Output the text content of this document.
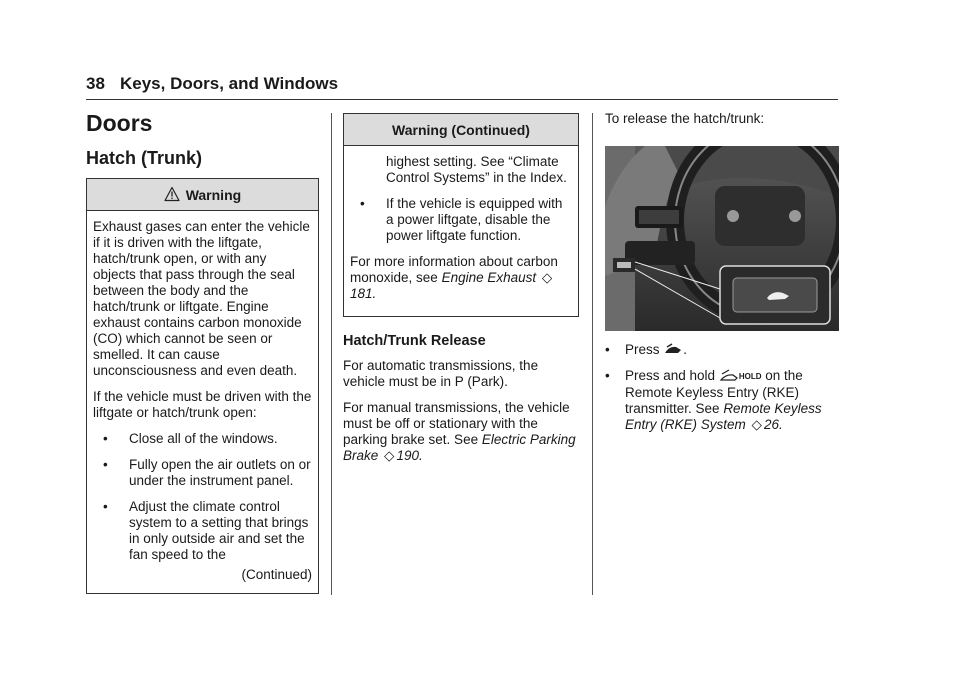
38 Keys, Doors, and Windows
Doors
Hatch (Trunk)
Warning

Exhaust gases can enter the vehicle if it is driven with the liftgate, hatch/trunk open, or with any objects that pass through the seal between the body and the hatch/trunk or liftgate. Engine exhaust contains carbon monoxide (CO) which cannot be seen or smelled. It can cause unconsciousness and even death.

If the vehicle must be driven with the liftgate or hatch/trunk open:

• Close all of the windows.
• Fully open the air outlets on or under the instrument panel.
• Adjust the climate control system to a setting that brings in only outside air and set the fan speed to the
(Continued)
Warning (Continued)
highest setting. See “Climate Control Systems” in the Index.
• If the vehicle is equipped with a power liftgate, disable the power liftgate function.

For more information about carbon monoxide, see Engine Exhaust ◇181.

Hatch/Trunk Release

For automatic transmissions, the vehicle must be in P (Park).

For manual transmissions, the vehicle must be off or stationary with the parking brake set. See Electric Parking Brake ◇ 190.

To release the hatch/trunk:
• Press .
• Press and hold	HOLD on the Remote Keyless Entry (RKE) transmitter. See Remote Keyless Entry (RKE) System ◇ 26.
